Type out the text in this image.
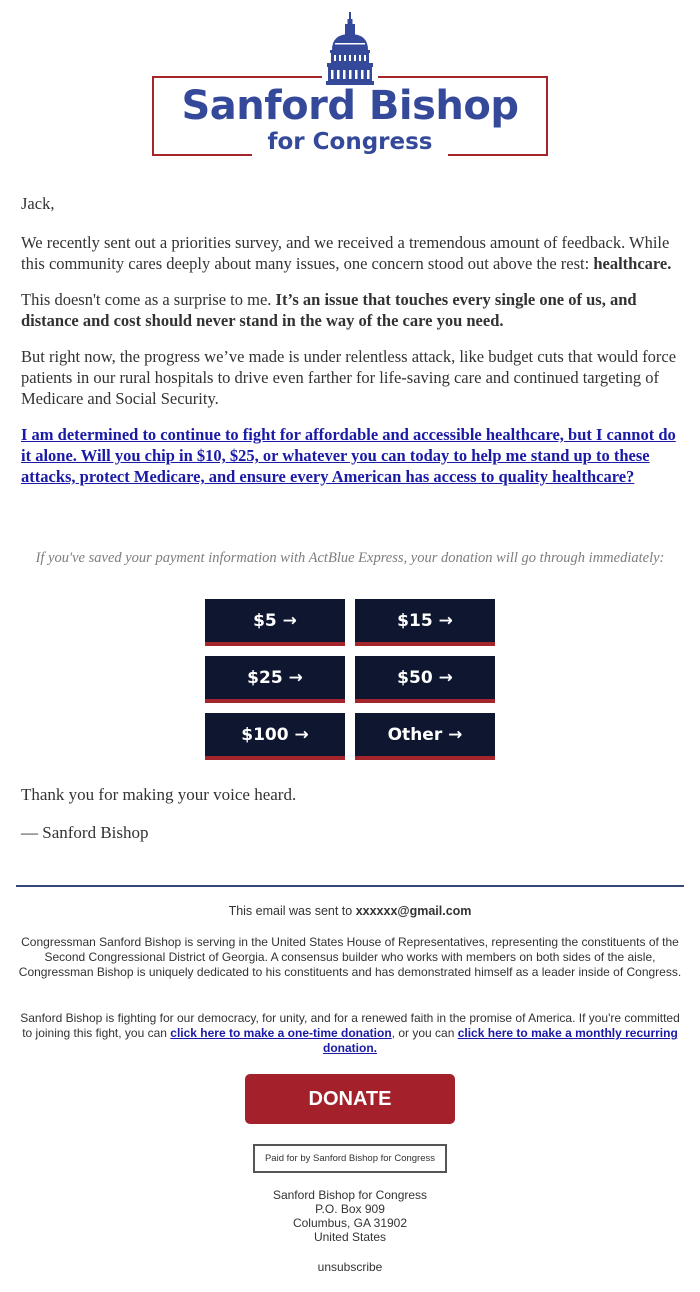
Sanford Bishop
for Congress

Jack,

We recently sent out a priorities survey, and we received a tremendous amount of feedback. While this community cares deeply about many issues, one concern stood out above the rest: healthcare.

This doesn't come as a surprise to me. It’s an issue that touches every single one of us, and distance and cost should never stand in the way of the care you need.

But right now, the progress we’ve made is under relentless attack, like budget cuts that would force patients in our rural hospitals to drive even farther for life-saving care and continued targeting of Medicare and Social Security.

I am determined to continue to fight for affordable and accessible healthcare, but I cannot do it alone. Will you chip in $10, $25, or whatever you can today to help me stand up to these attacks, protect Medicare, and ensure every American has access to quality healthcare?
If you've saved your payment information with ActBlue Express, your donation will go through immediately:
$5 →	$15 →
$25 →	$50 →
$100 →	Other →
Thank you for making your voice heard.
— Sanford Bishop
This email was sent to xxxxxx@gmail.com
Congressman Sanford Bishop is serving in the United States House of Representatives, representing the constituents of the Second Congressional District of Georgia. A consensus builder who works with members on both sides of the aisle, Congressman Bishop is uniquely dedicated to his constituents and has demonstrated himself as a leader inside of Congress.
Sanford Bishop is fighting for our democracy, for unity, and for a renewed faith in the promise of America. If you're committed to joining this fight, you can click here to make a one-time donation, or you can click here to make a monthly recurring donation.
DONATE
Paid for by Sanford Bishop for Congress
Sanford Bishop for Congress
P.O. Box 909
Columbus, GA 31902
United States
unsubscribe
